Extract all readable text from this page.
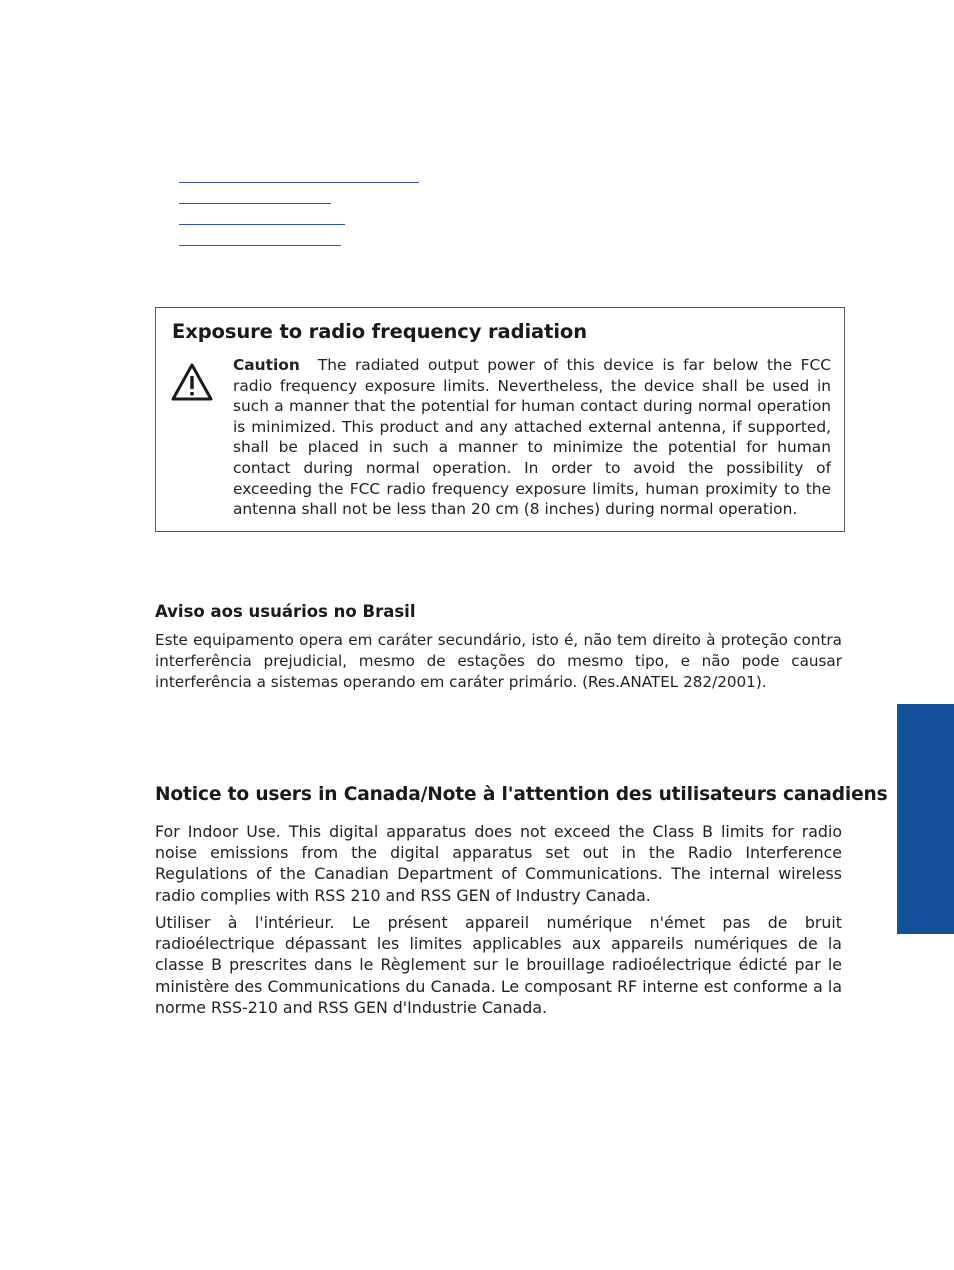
Exposure to radio frequency radiation
Caution The radiated output power of this device is far below the FCC radio frequency exposure limits. Nevertheless, the device shall be used in such a manner that the potential for human contact during normal operation is minimized. This product and any attached external antenna, if supported, shall be placed in such a manner to minimize the potential for human contact during normal operation. In order to avoid the possibility of exceeding the FCC radio frequency exposure limits, human proximity to the antenna shall not be less than 20 cm (8 inches) during normal operation.
Aviso aos usuários no Brasil

Este equipamento opera em caráter secundário, isto é, não tem direito à proteção contra interferência prejudicial, mesmo de estações do mesmo tipo, e não pode causar interferência a sistemas operando em caráter primário. (Res.ANATEL 282/2001).

Notice to users in Canada/Note à l'attention des utilisateurs canadiens

For Indoor Use. This digital apparatus does not exceed the Class B limits for radio noise emissions from the digital apparatus set out in the Radio Interference Regulations of the Canadian Department of Communications. The internal wireless radio complies with RSS 210 and RSS GEN of Industry Canada.

Utiliser à l'intérieur. Le présent appareil numérique n'émet pas de bruit radioélectrique dépassant les limites applicables aux appareils numériques de la classe B prescrites dans le Règlement sur le brouillage radioélectrique édicté par le ministère des Communications du Canada. Le composant RF interne est conforme a la norme RSS-210 and RSS GEN d'Industrie Canada.
